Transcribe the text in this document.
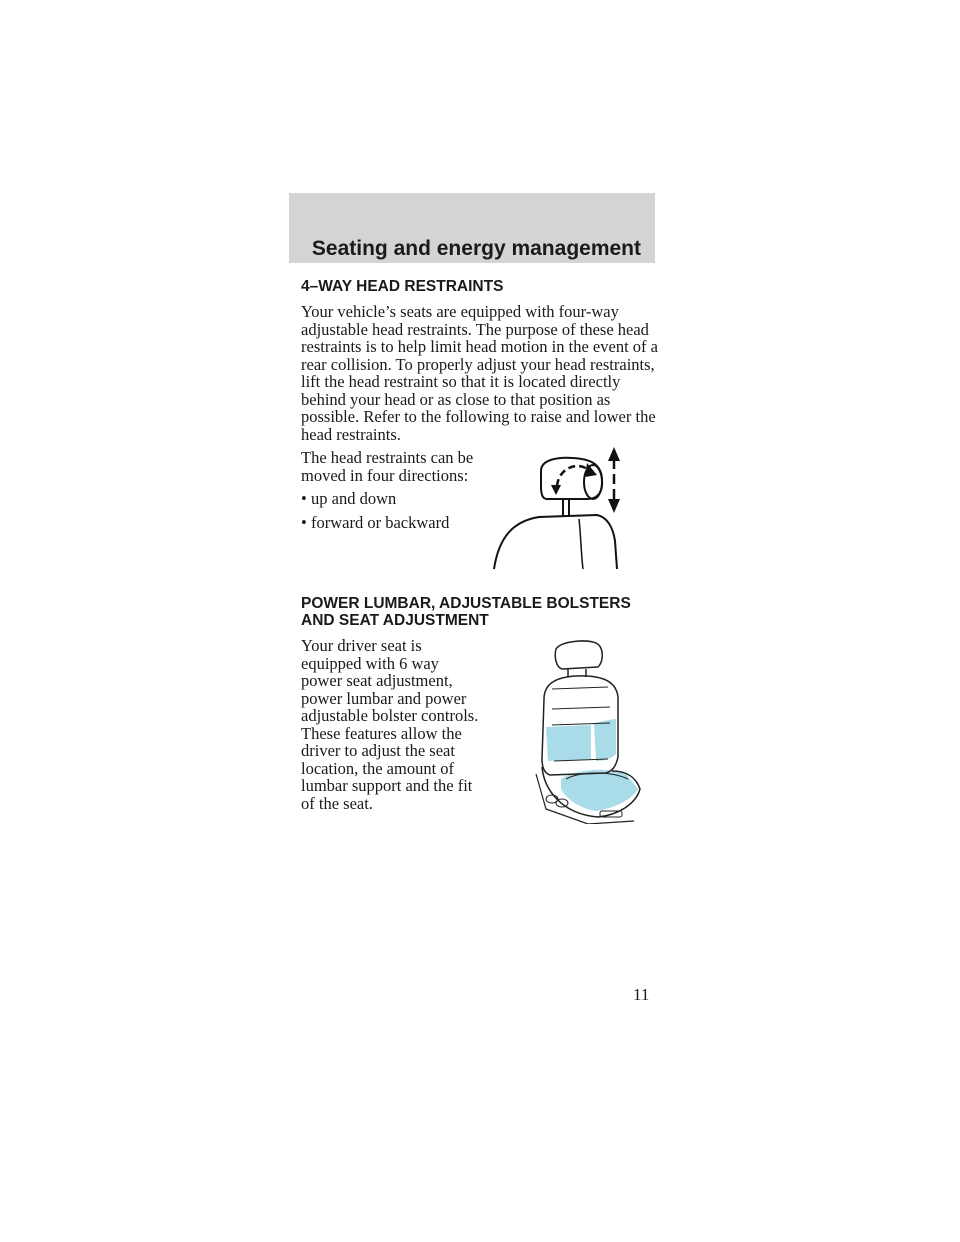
Seating and energy management
4–WAY HEAD RESTRAINTS

Your vehicle’s seats are equipped with four-way adjustable head restraints. The purpose of these head restraints is to help limit head motion in the event of a rear collision. To properly adjust your head restraints, lift the head restraint so that it is located directly behind your head or as close to that position as possible. Refer to the following to raise and lower the head restraints.

The head restraints can be moved in four directions:

• up and down
• forward or backward
POWER LUMBAR, ADJUSTABLE BOLSTERS
AND SEAT ADJUSTMENT

Your driver seat is equipped with 6 way power seat adjustment, power lumbar and power adjustable bolster controls. These features allow the driver to adjust the seat location, the amount of lumbar support and the fit of the seat.

11
